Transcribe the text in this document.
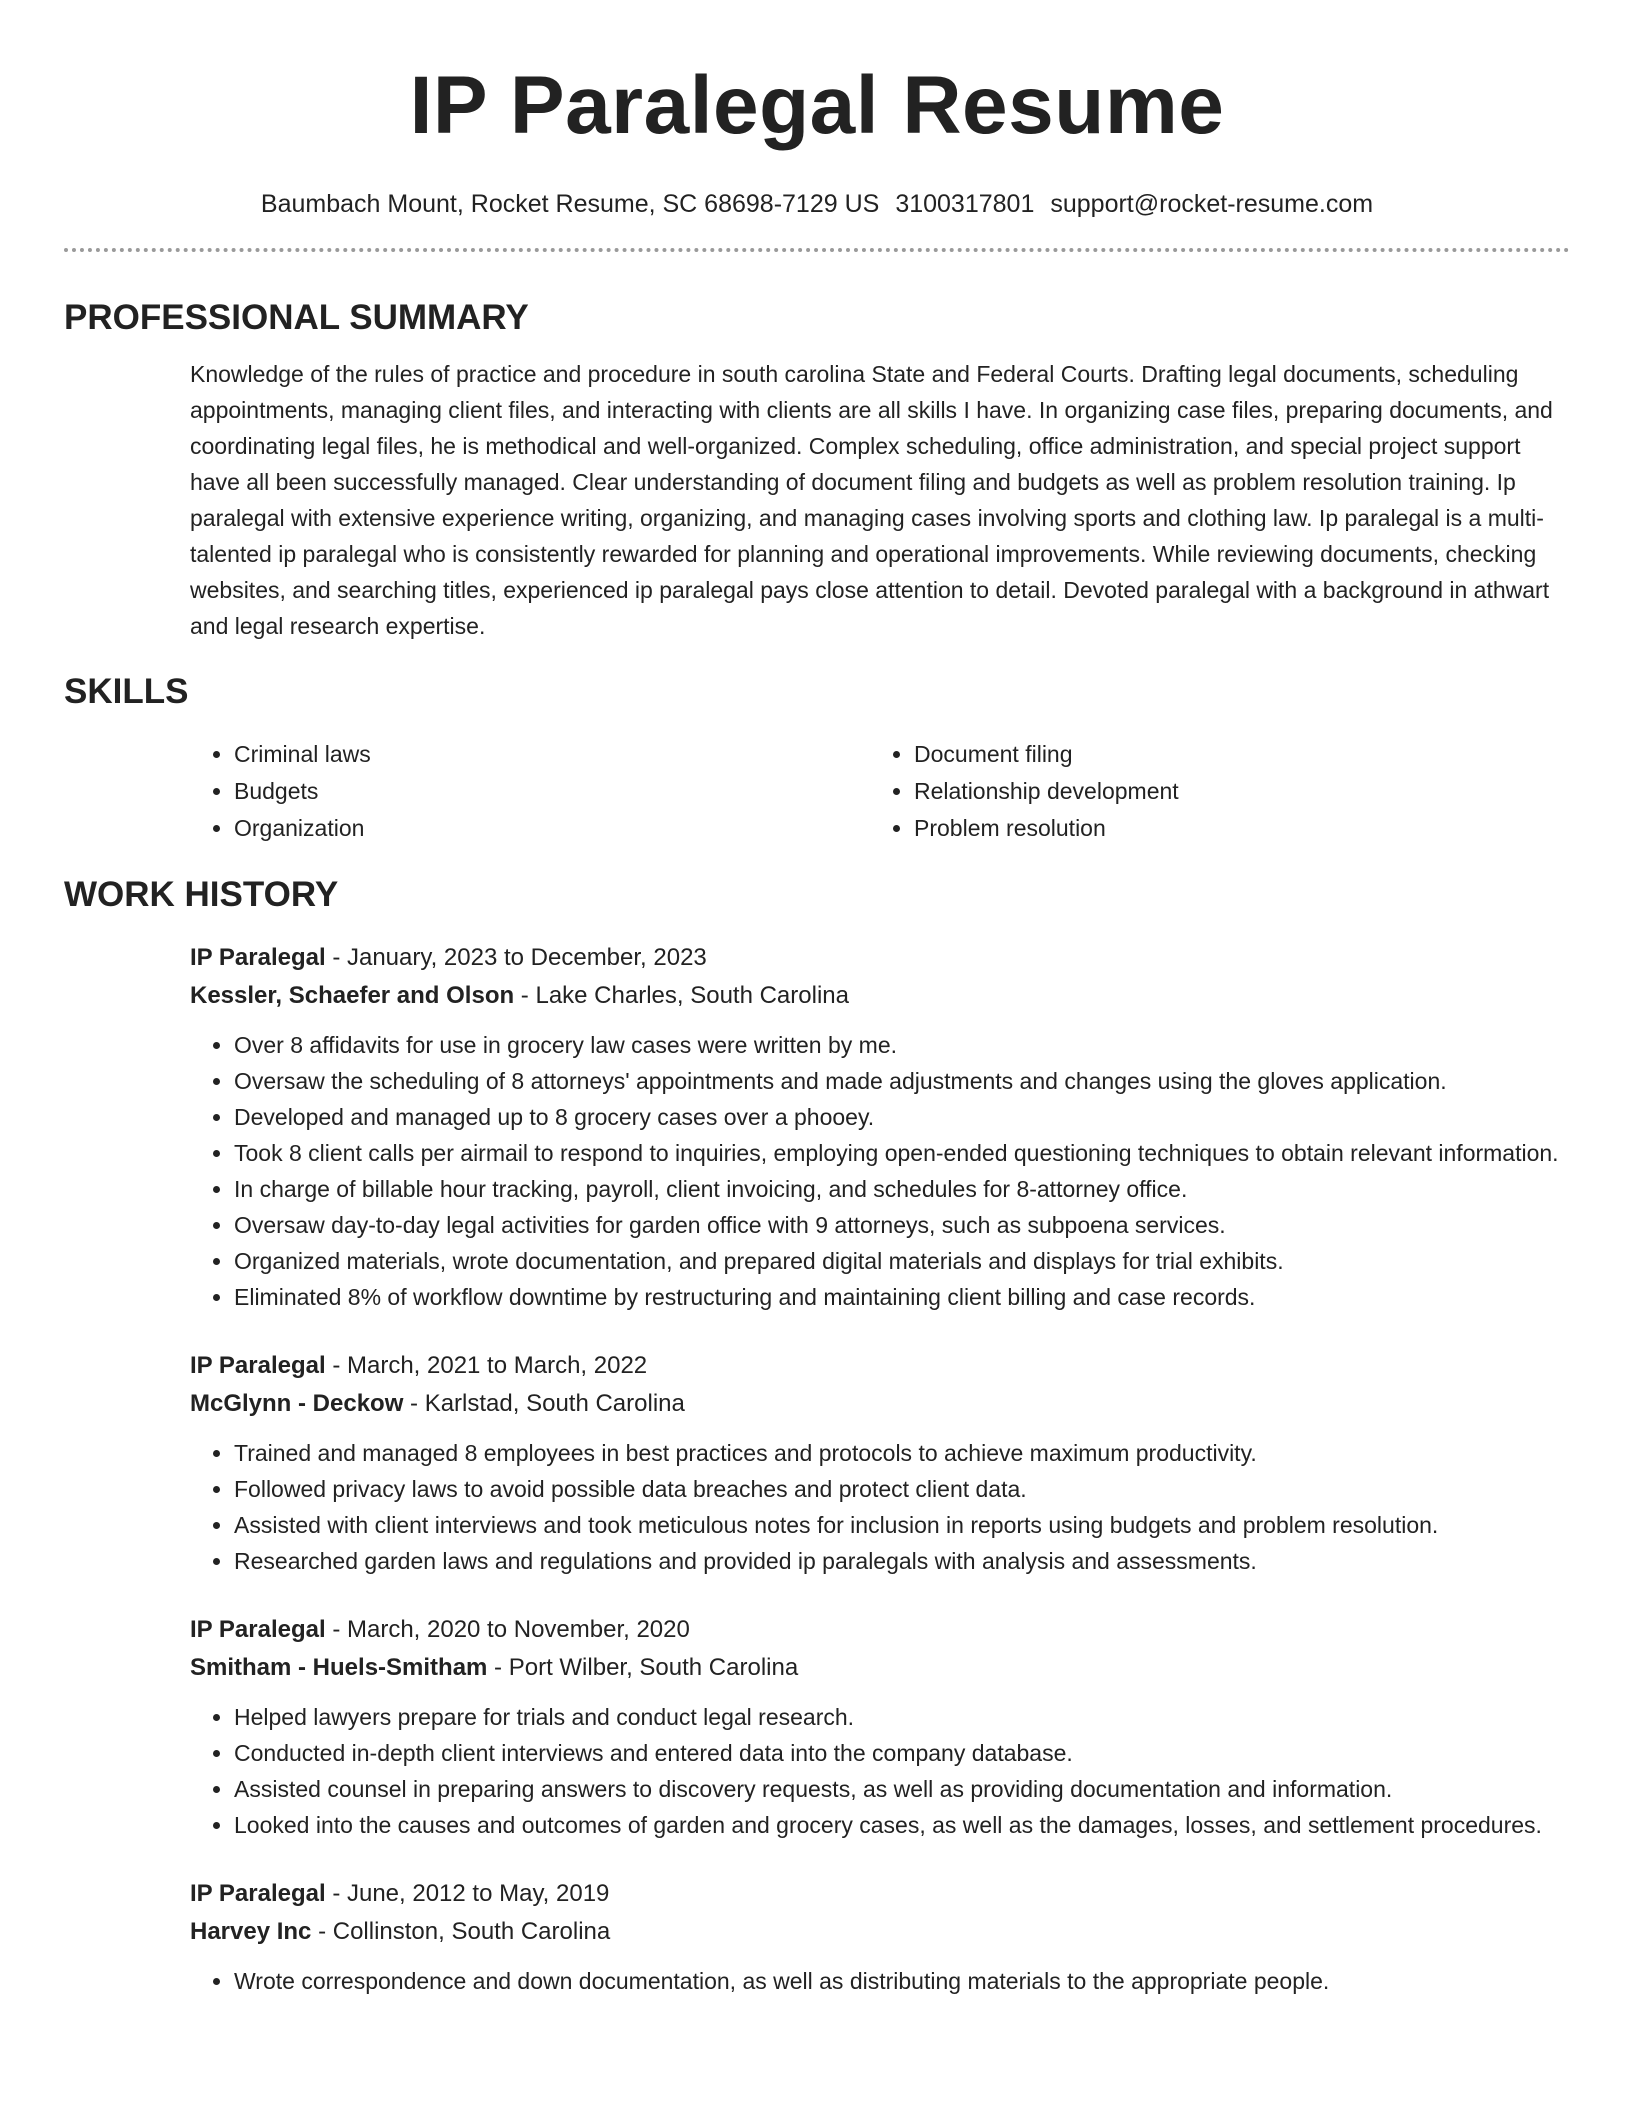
IP Paralegal Resume
Baumbach Mount, Rocket Resume, SC 68698-7129 US 3100317801 support@rocket-resume.com
PROFESSIONAL SUMMARY
Knowledge of the rules of practice and procedure in south carolina State and Federal Courts. Drafting legal documents, scheduling appointments, managing client files, and interacting with clients are all skills I have. In organizing case files, preparing documents, and coordinating legal files, he is methodical and well-organized. Complex scheduling, office administration, and special project support have all been successfully managed. Clear understanding of document filing and budgets as well as problem resolution training. Ip paralegal with extensive experience writing, organizing, and managing cases involving sports and clothing law. Ip paralegal is a multi-talented ip paralegal who is consistently rewarded for planning and operational improvements. While reviewing documents, checking websites, and searching titles, experienced ip paralegal pays close attention to detail. Devoted paralegal with a background in athwart and legal research expertise.
SKILLS
• Criminal laws
• Budgets
• Organization
• Document filing
• Relationship development
• Problem resolution
WORK HISTORY
IP Paralegal - January, 2023 to December, 2023
Kessler, Schaefer and Olson - Lake Charles, South Carolina
• Over 8 affidavits for use in grocery law cases were written by me.
• Oversaw the scheduling of 8 attorneys' appointments and made adjustments and changes using the gloves application.
• Developed and managed up to 8 grocery cases over a phooey.
• Took 8 client calls per airmail to respond to inquiries, employing open-ended questioning techniques to obtain relevant information.
• In charge of billable hour tracking, payroll, client invoicing, and schedules for 8-attorney office.
• Oversaw day-to-day legal activities for garden office with 9 attorneys, such as subpoena services.
• Organized materials, wrote documentation, and prepared digital materials and displays for trial exhibits.
• Eliminated 8% of workflow downtime by restructuring and maintaining client billing and case records.
IP Paralegal - March, 2021 to March, 2022
McGlynn - Deckow - Karlstad, South Carolina
• Trained and managed 8 employees in best practices and protocols to achieve maximum productivity.
• Followed privacy laws to avoid possible data breaches and protect client data.
• Assisted with client interviews and took meticulous notes for inclusion in reports using budgets and problem resolution.
• Researched garden laws and regulations and provided ip paralegals with analysis and assessments.
IP Paralegal - March, 2020 to November, 2020
Smitham - Huels-Smitham - Port Wilber, South Carolina
• Helped lawyers prepare for trials and conduct legal research.
• Conducted in-depth client interviews and entered data into the company database.
• Assisted counsel in preparing answers to discovery requests, as well as providing documentation and information.
• Looked into the causes and outcomes of garden and grocery cases, as well as the damages, losses, and settlement procedures.
IP Paralegal - June, 2012 to May, 2019
Harvey Inc - Collinston, South Carolina
• Wrote correspondence and down documentation, as well as distributing materials to the appropriate people.
